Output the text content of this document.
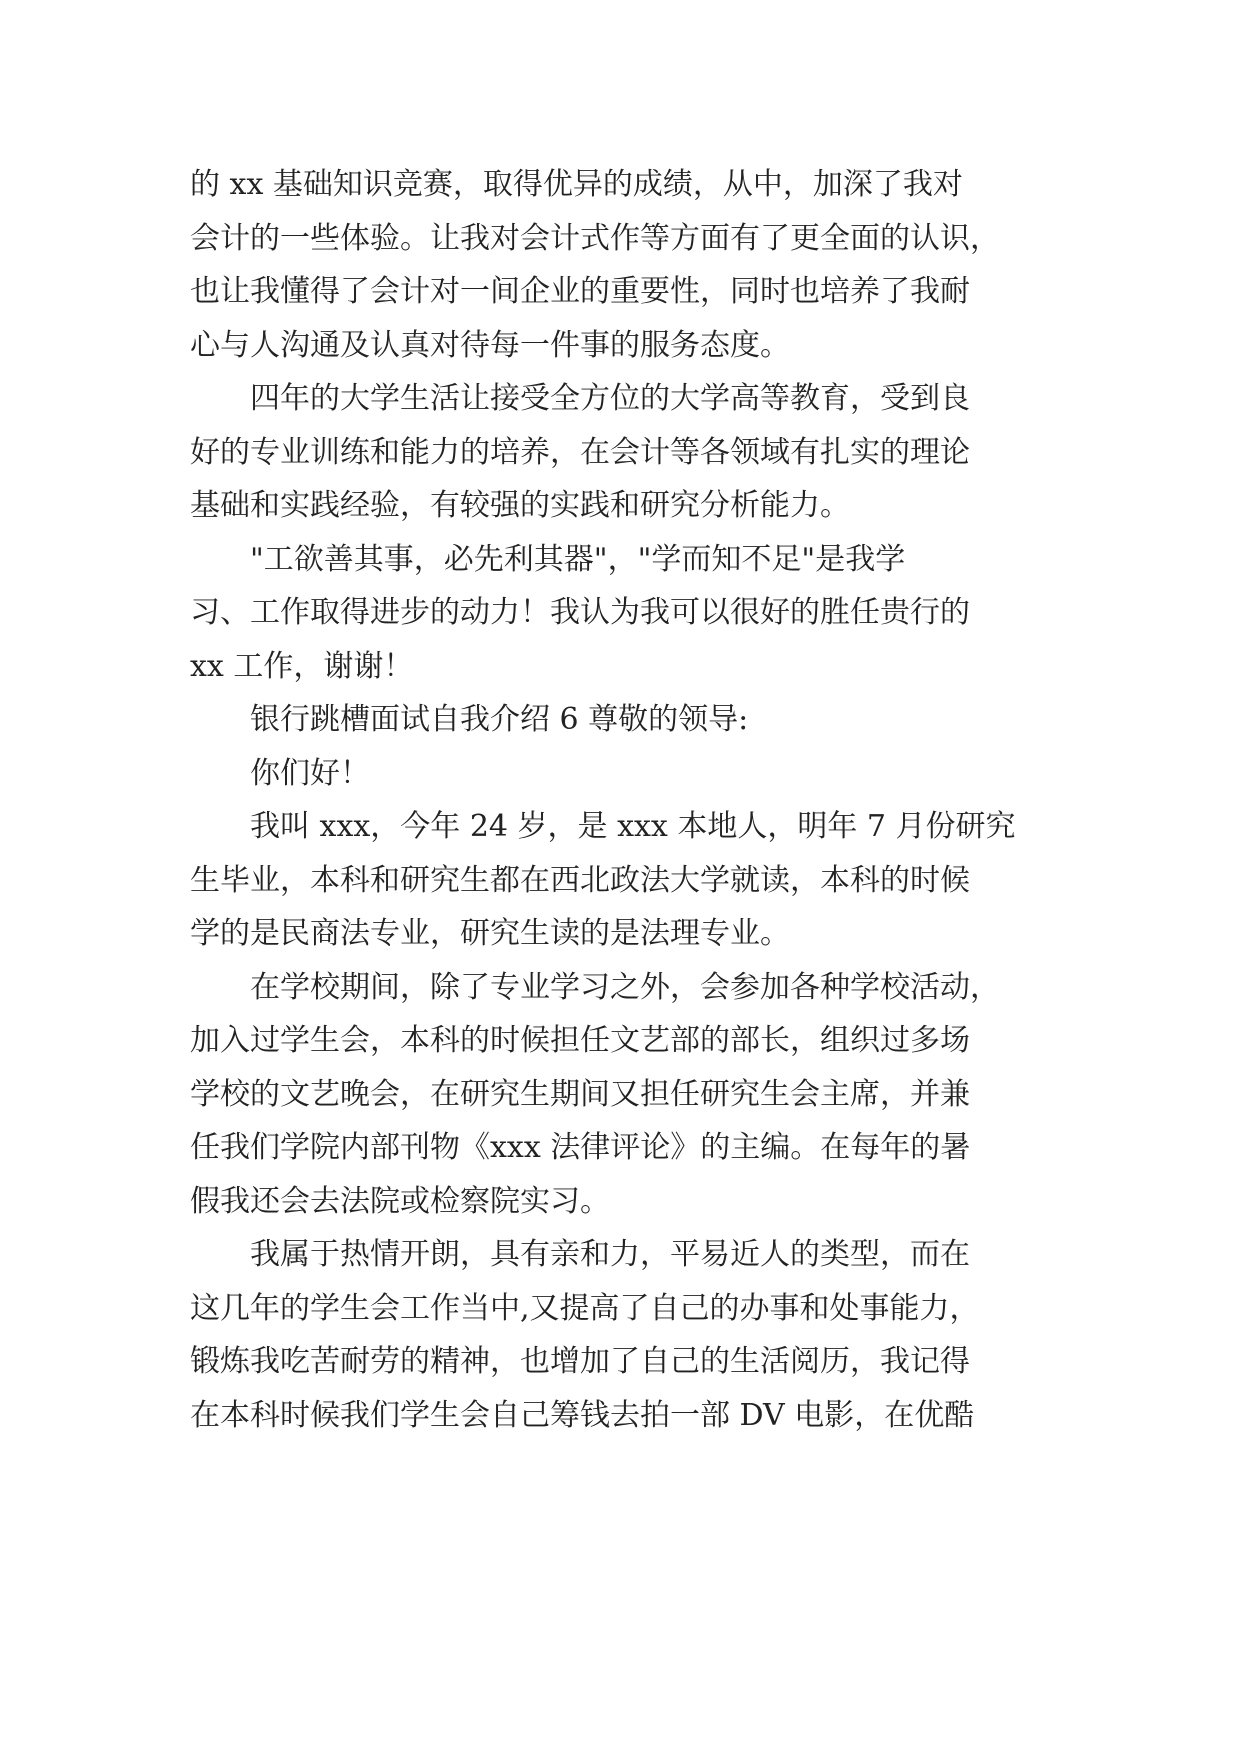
的 xx 基础知识竞赛，取得优异的成绩，从中，加深了我对
会计的一些体验。让我对会计式作等方面有了更全面的认识，
也让我懂得了会计对一间企业的重要性，同时也培养了我耐
心与人沟通及认真对待每一件事的服务态度。
　　四年的大学生活让接受全方位的大学高等教育，受到良
好的专业训练和能力的培养，在会计等各领域有扎实的理论
基础和实践经验，有较强的实践和研究分析能力。
　　"工欲善其事，必先利其器"，"学而知不足"是我学
习、工作取得进步的动力！我认为我可以很好的胜任贵行的
xx 工作，谢谢！
　　银行跳槽面试自我介绍 6 尊敬的领导:
　　你们好！
　　我叫 xxx，今年 24 岁，是 xxx 本地人，明年 7 月份研究
生毕业，本科和研究生都在西北政法大学就读，本科的时候
学的是民商法专业，研究生读的是法理专业。
　　在学校期间，除了专业学习之外，会参加各种学校活动，
加入过学生会，本科的时候担任文艺部的部长，组织过多场
学校的文艺晚会，在研究生期间又担任研究生会主席，并兼
任我们学院内部刊物《xxx 法律评论》的主编。在每年的暑
假我还会去法院或检察院实习。
　　我属于热情开朗，具有亲和力，平易近人的类型，而在
这几年的学生会工作当中,又提高了自己的办事和处事能力，
锻炼我吃苦耐劳的精神，也增加了自己的生活阅历，我记得
在本科时候我们学生会自己筹钱去拍一部 DV 电影，在优酷
